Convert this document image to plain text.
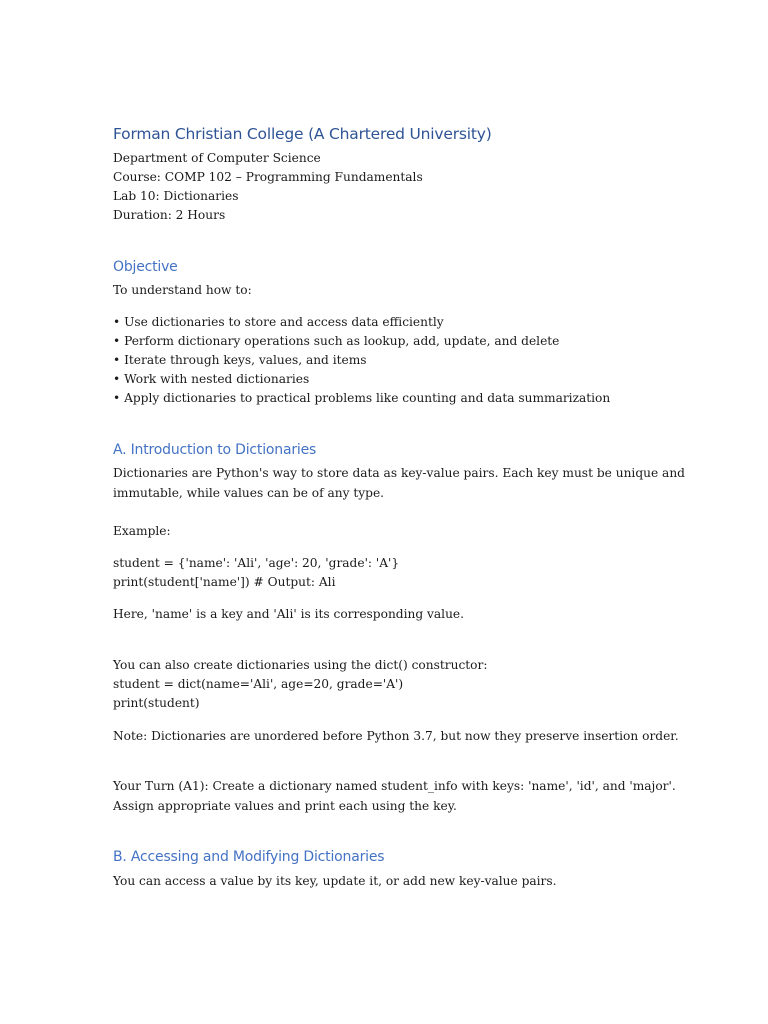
Forman Christian College (A Chartered University)
Department of Computer Science
Course: COMP 102 – Programming Fundamentals
Lab 10: Dictionaries
Duration: 2 Hours
Objective
To understand how to:
• Use dictionaries to store and access data efficiently
• Perform dictionary operations such as lookup, add, update, and delete
• Iterate through keys, values, and items
• Work with nested dictionaries
• Apply dictionaries to practical problems like counting and data summarization
A. Introduction to Dictionaries
Dictionaries are Python's way to store data as key-value pairs. Each key must be unique and
immutable, while values can be of any type.
Example:
student = {'name': 'Ali', 'age': 20, 'grade': 'A'}
print(student['name']) # Output: Ali
Here, 'name' is a key and 'Ali' is its corresponding value.
You can also create dictionaries using the dict() constructor:
student = dict(name='Ali', age=20, grade='A')
print(student)
Note: Dictionaries are unordered before Python 3.7, but now they preserve insertion order.
Your Turn (A1): Create a dictionary named student_info with keys: 'name', 'id', and 'major'.
Assign appropriate values and print each using the key.
B. Accessing and Modifying Dictionaries
You can access a value by its key, update it, or add new key-value pairs.
